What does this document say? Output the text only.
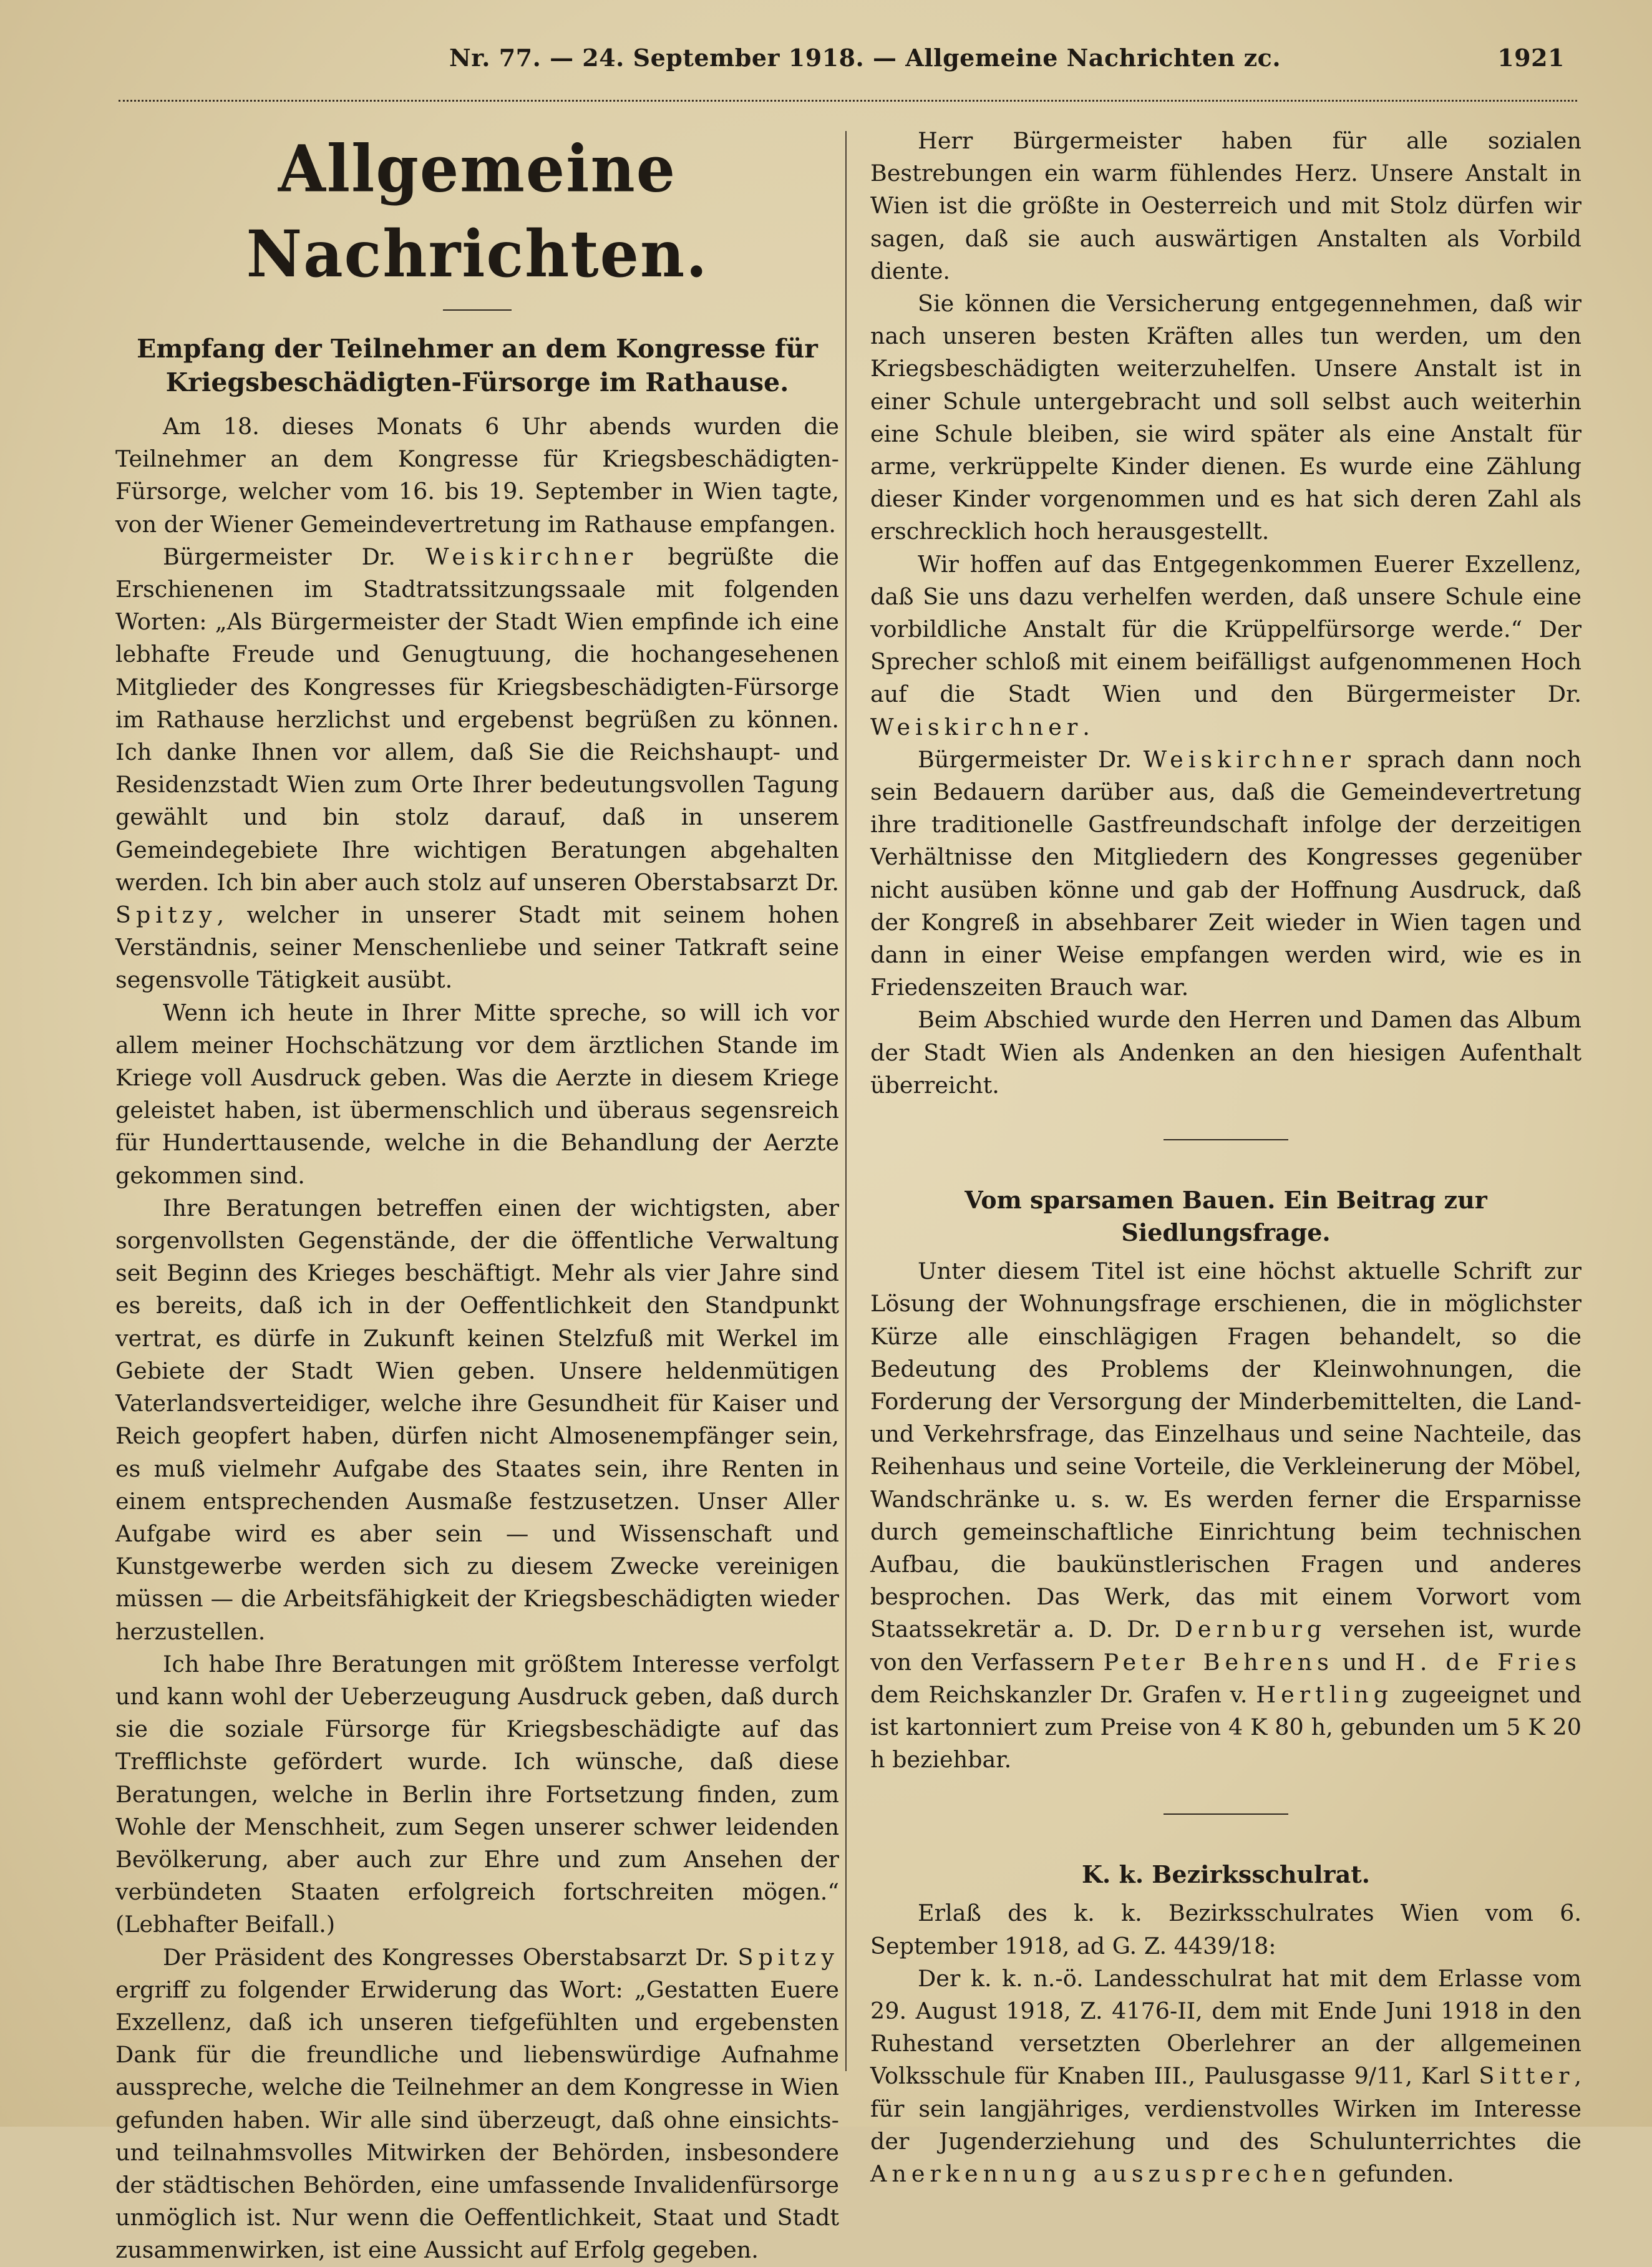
Nr. 77. — 24. September 1918. — Allgemeine Nachrichten zc.	1921
Allgemeine Nachrichten.
Empfang der Teilnehmer an dem Kongresse für Kriegsbeschädigten-Fürsorge im Rathause.

Am 18. dieses Monats 6 Uhr abends wurden die Teilnehmer an dem Kongresse für Kriegsbeschädigten-Fürsorge, welcher vom 16. bis 19. September in Wien tagte, von der Wiener Gemeindevertretung im Rathause empfangen.

Bürgermeister Dr. Weiskirchner begrüßte die Erschienenen im Stadtratssitzungssaale mit folgenden Worten: „Als Bürgermeister der Stadt Wien empfinde ich eine lebhafte Freude und Genugtuung, die hochangesehenen Mitglieder des Kongresses für Kriegsbeschädigten-Fürsorge im Rathause herzlichst und ergebenst begrüßen zu können. Ich danke Ihnen vor allem, daß Sie die Reichshaupt- und Residenzstadt Wien zum Orte Ihrer bedeutungsvollen Tagung gewählt und bin stolz darauf, daß in unserem Gemeindegebiete Ihre wichtigen Beratungen abgehalten werden. Ich bin aber auch stolz auf unseren Oberstabsarzt Dr. Spitzy, welcher in unserer Stadt mit seinem hohen Verständnis, seiner Menschenliebe und seiner Tatkraft seine segensvolle Tätigkeit ausübt.

Wenn ich heute in Ihrer Mitte spreche, so will ich vor allem meiner Hochschätzung vor dem ärztlichen Stande im Kriege voll Ausdruck geben. Was die Aerzte in diesem Kriege geleistet haben, ist übermenschlich und überaus segensreich für Hunderttausende, welche in die Behandlung der Aerzte gekommen sind.

Ihre Beratungen betreffen einen der wichtigsten, aber sorgenvollsten Gegenstände, der die öffentliche Verwaltung seit Beginn des Krieges beschäftigt. Mehr als vier Jahre sind es bereits, daß ich in der Oeffentlichkeit den Standpunkt vertrat, es dürfe in Zukunft keinen Stelzfuß mit Werkel im Gebiete der Stadt Wien geben. Unsere heldenmütigen Vaterlandsverteidiger, welche ihre Gesundheit für Kaiser und Reich geopfert haben, dürfen nicht Almosenempfänger sein, es muß vielmehr Aufgabe des Staates sein, ihre Renten in einem entsprechenden Ausmaße festzusetzen. Unser Aller Aufgabe wird es aber sein — und Wissenschaft und Kunstgewerbe werden sich zu diesem Zwecke vereinigen müssen — die Arbeitsfähigkeit der Kriegsbeschädigten wieder herzustellen.

Ich habe Ihre Beratungen mit größtem Interesse verfolgt und kann wohl der Ueberzeugung Ausdruck geben, daß durch sie die soziale Fürsorge für Kriegsbeschädigte auf das Trefflichste gefördert wurde. Ich wünsche, daß diese Beratungen, welche in Berlin ihre Fortsetzung finden, zum Wohle der Menschheit, zum Segen unserer schwer leidenden Bevölkerung, aber auch zur Ehre und zum Ansehen der verbündeten Staaten erfolgreich fortschreiten mögen.“ (Lebhafter Beifall.)

Der Präsident des Kongresses Oberstabsarzt Dr. Spitzy ergriff zu folgender Erwiderung das Wort: „Gestatten Euere Exzellenz, daß ich unseren tiefgefühlten und ergebensten Dank für die freundliche und liebenswürdige Aufnahme ausspreche, welche die Teilnehmer an dem Kongresse in Wien gefunden haben. Wir alle sind überzeugt, daß ohne einsichts- und teilnahmsvolles Mitwirken der Behörden, insbesondere der städtischen Behörden, eine umfassende Invalidenfürsorge unmöglich ist. Nur wenn die Oeffentlichkeit, Staat und Stadt zusammenwirken, ist eine Aussicht auf Erfolg gegeben.

Herr Bürgermeister haben für alle sozialen Bestrebungen ein warm fühlendes Herz. Unsere Anstalt in Wien ist die größte in Oesterreich und mit Stolz dürfen wir sagen, daß sie auch auswärtigen Anstalten als Vorbild diente.

Sie können die Versicherung entgegennehmen, daß wir nach unseren besten Kräften alles tun werden, um den Kriegsbeschädigten weiterzuhelfen. Unsere Anstalt ist in einer Schule untergebracht und soll selbst auch weiterhin eine Schule bleiben, sie wird später als eine Anstalt für arme, verkrüppelte Kinder dienen. Es wurde eine Zählung dieser Kinder vorgenommen und es hat sich deren Zahl als erschrecklich hoch herausgestellt.

Wir hoffen auf das Entgegenkommen Euerer Exzellenz, daß Sie uns dazu verhelfen werden, daß unsere Schule eine vorbildliche Anstalt für die Krüppelfürsorge werde.“ Der Sprecher schloß mit einem beifälligst aufgenommenen Hoch auf die Stadt Wien und den Bürgermeister Dr. Weiskirchner.

Bürgermeister Dr. Weiskirchner sprach dann noch sein Bedauern darüber aus, daß die Gemeindevertretung ihre traditionelle Gastfreundschaft infolge der derzeitigen Verhältnisse den Mitgliedern des Kongresses gegenüber nicht ausüben könne und gab der Hoffnung Ausdruck, daß der Kongreß in absehbarer Zeit wieder in Wien tagen und dann in einer Weise empfangen werden wird, wie es in Friedenszeiten Brauch war.

Beim Abschied wurde den Herren und Damen das Album der Stadt Wien als Andenken an den hiesigen Aufenthalt überreicht.

Vom sparsamen Bauen. Ein Beitrag zur Siedlungsfrage.

Unter diesem Titel ist eine höchst aktuelle Schrift zur Lösung der Wohnungsfrage erschienen, die in möglichster Kürze alle einschlägigen Fragen behandelt, so die Bedeutung des Problems der Kleinwohnungen, die Forderung der Versorgung der Minderbemittelten, die Land- und Verkehrsfrage, das Einzelhaus und seine Nachteile, das Reihenhaus und seine Vorteile, die Verkleinerung der Möbel, Wandschränke u. s. w. Es werden ferner die Ersparnisse durch gemeinschaftliche Einrichtung beim technischen Aufbau, die baukünstlerischen Fragen und anderes besprochen. Das Werk, das mit einem Vorwort vom Staatssekretär a. D. Dr. Dernburg versehen ist, wurde von den Verfassern Peter Behrens und H. de Fries dem Reichskanzler Dr. Grafen v. Hertling zugeeignet und ist kartonniert zum Preise von 4 K 80 h, gebunden um 5 K 20 h beziehbar.

K. k. Bezirksschulrat.

Erlaß des k. k. Bezirksschulrates Wien vom 6. September 1918, ad G. Z. 4439/18:

Der k. k. n.-ö. Landesschulrat hat mit dem Erlasse vom 29. August 1918, Z. 4176-II, dem mit Ende Juni 1918 in den Ruhestand versetzten Oberlehrer an der allgemeinen Volksschule für Knaben III., Paulusgasse 9/11, Karl Sitter, für sein langjähriges, verdienstvolles Wirken im Interesse der Jugenderziehung und des Schulunterrichtes die Anerkennung auszusprechen gefunden.
